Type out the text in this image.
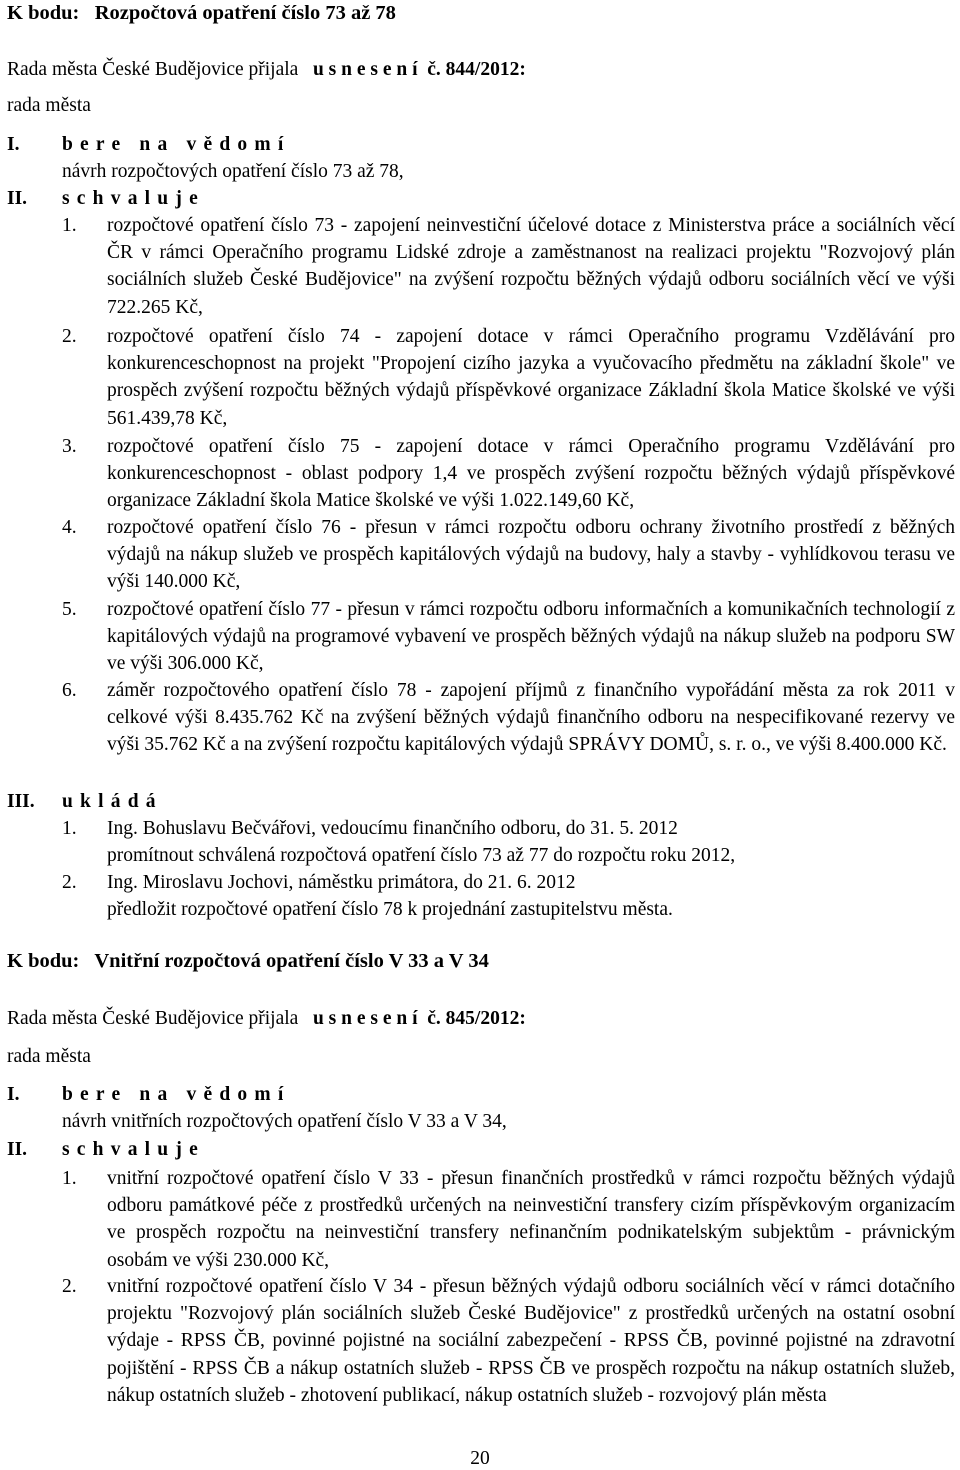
K bodu: Rozpočtová opatření číslo 73 až 78
Rada města České Budějovice přijala u s n e s e n í č. 844/2012:
rada města
I. b e r e   n a   v ě d o m í
návrh rozpočtových opatření číslo 73 až 78,
II. s c h v a l u j e
1. rozpočtové opatření číslo 73 - zapojení neinvestiční účelové dotace z Ministerstva práce a sociálních věcí ČR v rámci Operačního programu Lidské zdroje a zaměstnanost na realizaci projektu "Rozvojový plán sociálních služeb České Budějovice" na zvýšení rozpočtu běžných výdajů odboru sociálních věcí ve výši 722.265 Kč,
2. rozpočtové opatření číslo 74 - zapojení dotace v rámci Operačního programu Vzdělávání pro konkurenceschopnost na projekt "Propojení cizího jazyka a vyučovacího předmětu na základní škole" ve prospěch zvýšení rozpočtu běžných výdajů příspěvkové organizace Základní škola Matice školské ve výši 561.439,78 Kč,
3. rozpočtové opatření číslo 75 - zapojení dotace v rámci Operačního programu Vzdělávání pro konkurenceschopnost - oblast podpory 1,4 ve prospěch zvýšení rozpočtu běžných výdajů příspěvkové organizace Základní škola Matice školské ve výši 1.022.149,60 Kč,
4. rozpočtové opatření číslo 76 - přesun v rámci rozpočtu odboru ochrany životního prostředí z běžných výdajů na nákup služeb ve prospěch kapitálových výdajů na budovy, haly a stavby - vyhlídkovou terasu ve výši 140.000 Kč,
5. rozpočtové opatření číslo 77 - přesun v rámci rozpočtu odboru informačních a komunikačních technologií z kapitálových výdajů na programové vybavení ve prospěch běžných výdajů na nákup služeb na podporu SW ve výši 306.000 Kč,
6. záměr rozpočtového opatření číslo 78 - zapojení příjmů z finančního vypořádání města za rok 2011 v celkové výši 8.435.762 Kč na zvýšení běžných výdajů finančního odboru na nespecifikované rezervy ve výši 35.762 Kč a na zvýšení rozpočtu kapitálových výdajů SPRÁVY DOMŮ, s. r. o., ve výši 8.400.000 Kč.
III. u k l á d á
1. Ing. Bohuslavu Bečvářovi, vedoucímu finančního odboru, do 31. 5. 2012
promítnout schválená rozpočtová opatření číslo 73 až 77 do rozpočtu roku 2012,
2. Ing. Miroslavu Jochovi, náměstku primátora, do 21. 6. 2012
předložit rozpočtové opatření číslo 78 k projednání zastupitelstvu města.
K bodu: Vnitřní rozpočtová opatření číslo V 33 a V 34
Rada města České Budějovice přijala u s n e s e n í č. 845/2012:
rada města
I. b e r e   n a   v ě d o m í
návrh vnitřních rozpočtových opatření číslo V 33 a V 34,
II. s c h v a l u j e
1. vnitřní rozpočtové opatření číslo V 33 - přesun finančních prostředků v rámci rozpočtu běžných výdajů odboru památkové péče z prostředků určených na neinvestiční transfery cizím příspěvkovým organizacím ve prospěch rozpočtu na neinvestiční transfery nefinančním podnikatelským subjektům - právnickým osobám ve výši 230.000 Kč,
2. vnitřní rozpočtové opatření číslo V 34 - přesun běžných výdajů odboru sociálních věcí v rámci dotačního projektu "Rozvojový plán sociálních služeb České Budějovice" z prostředků určených na ostatní osobní výdaje - RPSS ČB, povinné pojistné na sociální zabezpečení - RPSS ČB, povinné pojistné na zdravotní pojištění - RPSS ČB a nákup ostatních služeb - RPSS ČB ve prospěch rozpočtu na nákup ostatních služeb, nákup ostatních služeb - zhotovení publikací, nákup ostatních služeb - rozvojový plán města
20
